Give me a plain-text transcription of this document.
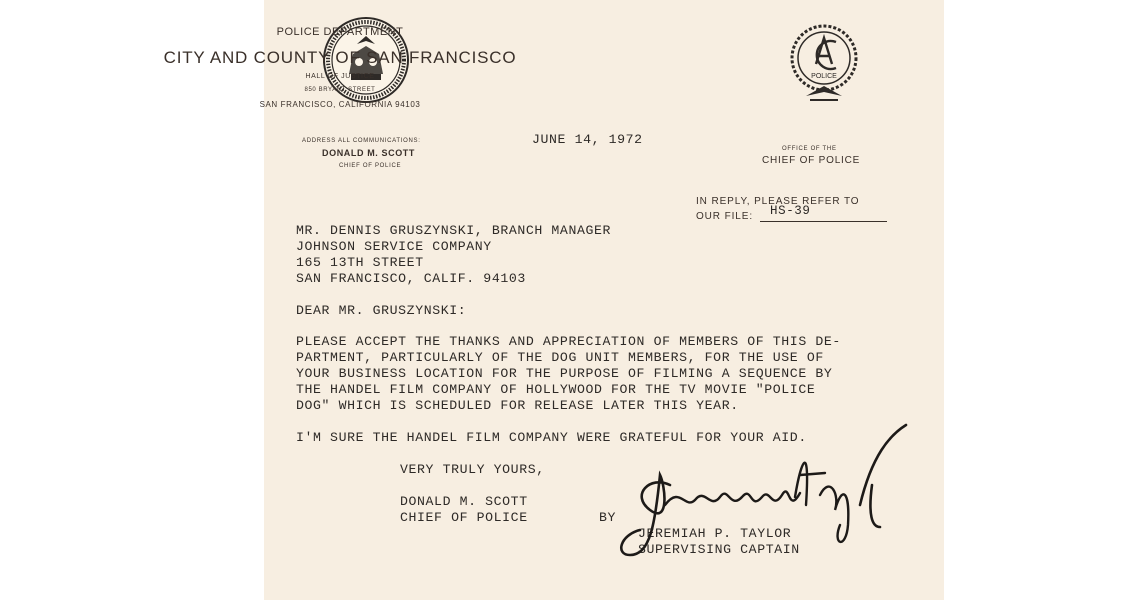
POLICE
POLICE DEPARTMENT
CITY AND COUNTY OF SAN FRANCISCO
HALL OF JUSTICE
850 BRYANT STREET
SAN FRANCISCO, CALIFORNIA 94103
ADDRESS ALL COMMUNICATIONS:
DONALD M. SCOTT
CHIEF OF POLICE
JUNE 14, 1972
OFFICE OF THE
CHIEF OF POLICE
IN REPLY, PLEASE REFER TO
OUR FILE: HS-39
MR. DENNIS GRUSZYNSKI, BRANCH MANAGER
JOHNSON SERVICE COMPANY
165 13TH STREET
SAN FRANCISCO, CALIF. 94103
DEAR MR. GRUSZYNSKI:
PLEASE ACCEPT THE THANKS AND APPRECIATION OF MEMBERS OF THIS DE-
PARTMENT, PARTICULARLY OF THE DOG UNIT MEMBERS, FOR THE USE OF
YOUR BUSINESS LOCATION FOR THE PURPOSE OF FILMING A SEQUENCE BY
THE HANDEL FILM COMPANY OF HOLLYWOOD FOR THE TV MOVIE "POLICE
DOG" WHICH IS SCHEDULED FOR RELEASE LATER THIS YEAR.
I'M SURE THE HANDEL FILM COMPANY WERE GRATEFUL FOR YOUR AID.
VERY TRULY YOURS,
DONALD M. SCOTT
CHIEF OF POLICE	BY
JEREMIAH P. TAYLOR
SUPERVISING CAPTAIN
